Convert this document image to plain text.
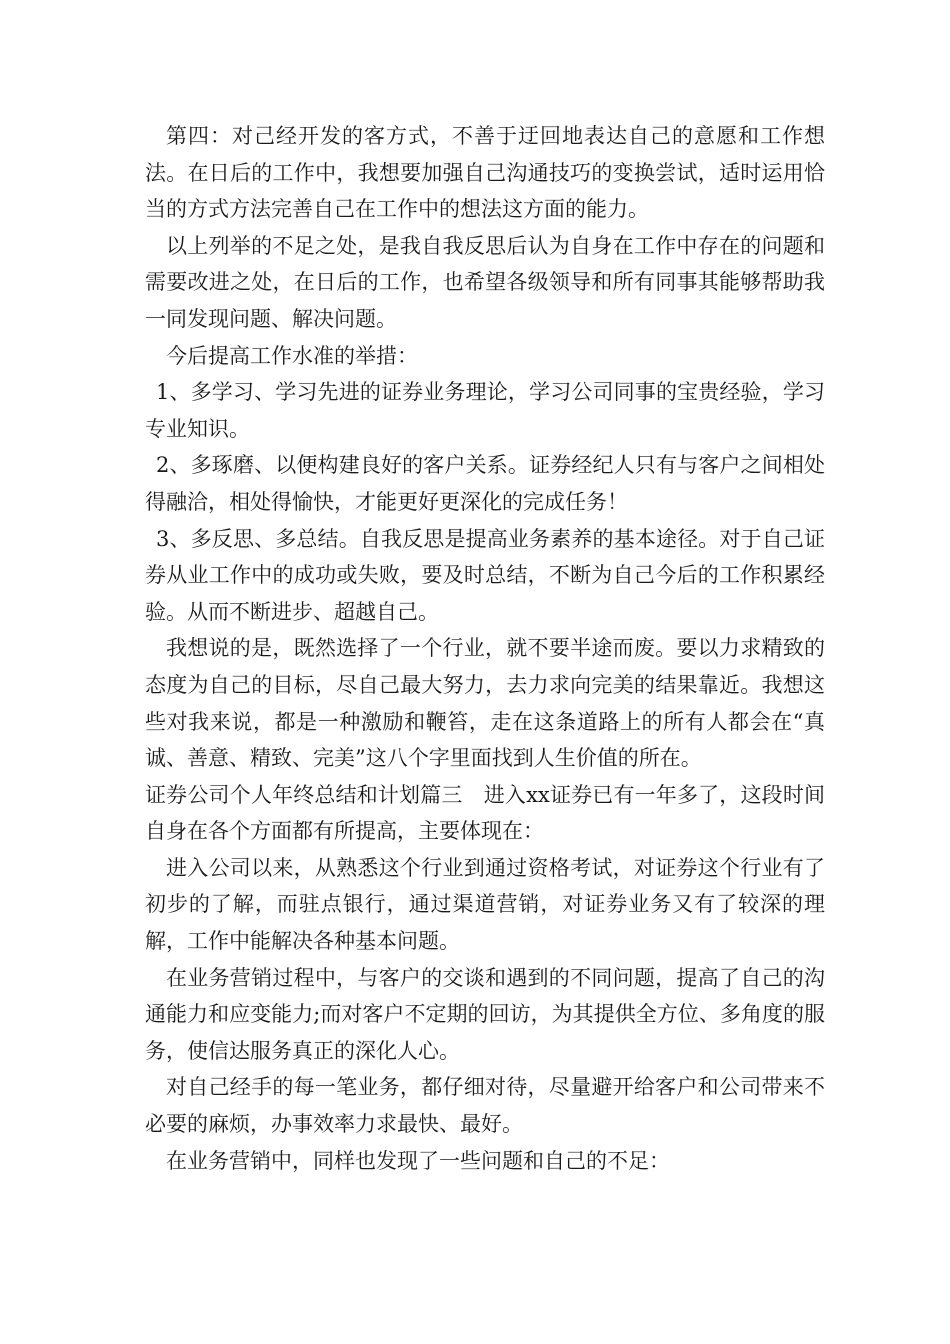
第四：对己经开发的客方式，不善于迂回地表达自己的意愿和工作想法。在日后的工作中，我想要加强自己沟通技巧的变换尝试，适时运用恰当的方式方法完善自己在工作中的想法这方面的能力。

以上列举的不足之处，是我自我反思后认为自身在工作中存在的问题和需要改进之处，在日后的工作，也希望各级领导和所有同事其能够帮助我一同发现问题、解决问题。

今后提高工作水准的举措：

1、多学习、学习先进的证券业务理论，学习公司同事的宝贵经验，学习专业知识。

2、多琢磨、以便构建良好的客户关系。证券经纪人只有与客户之间相处得融洽，相处得愉快，才能更好更深化的完成任务！

3、多反思、多总结。自我反思是提高业务素养的基本途径。对于自己证券从业工作中的成功或失败，要及时总结，不断为自己今后的工作积累经验。从而不断进步、超越自己。

我想说的是，既然选择了一个行业，就不要半途而废。要以力求精致的态度为自己的目标，尽自己最大努力，去力求向完美的结果靠近。我想这些对我来说，都是一种激励和鞭笞，走在这条道路上的所有人都会在“真诚、善意、精致、完美”这八个字里面找到人生价值的所在。

证券公司个人年终总结和计划篇三　进入xx证券已有一年多了，这段时间自身在各个方面都有所提高，主要体现在：

进入公司以来，从熟悉这个行业到通过资格考试，对证券这个行业有了初步的了解，而驻点银行，通过渠道营销，对证券业务又有了较深的理解，工作中能解决各种基本问题。

在业务营销过程中，与客户的交谈和遇到的不同问题，提高了自己的沟通能力和应变能力;而对客户不定期的回访，为其提供全方位、多角度的服务，使信达服务真正的深化人心。

对自己经手的每一笔业务，都仔细对待，尽量避开给客户和公司带来不必要的麻烦，办事效率力求最快、最好。

在业务营销中，同样也发现了一些问题和自己的不足：
